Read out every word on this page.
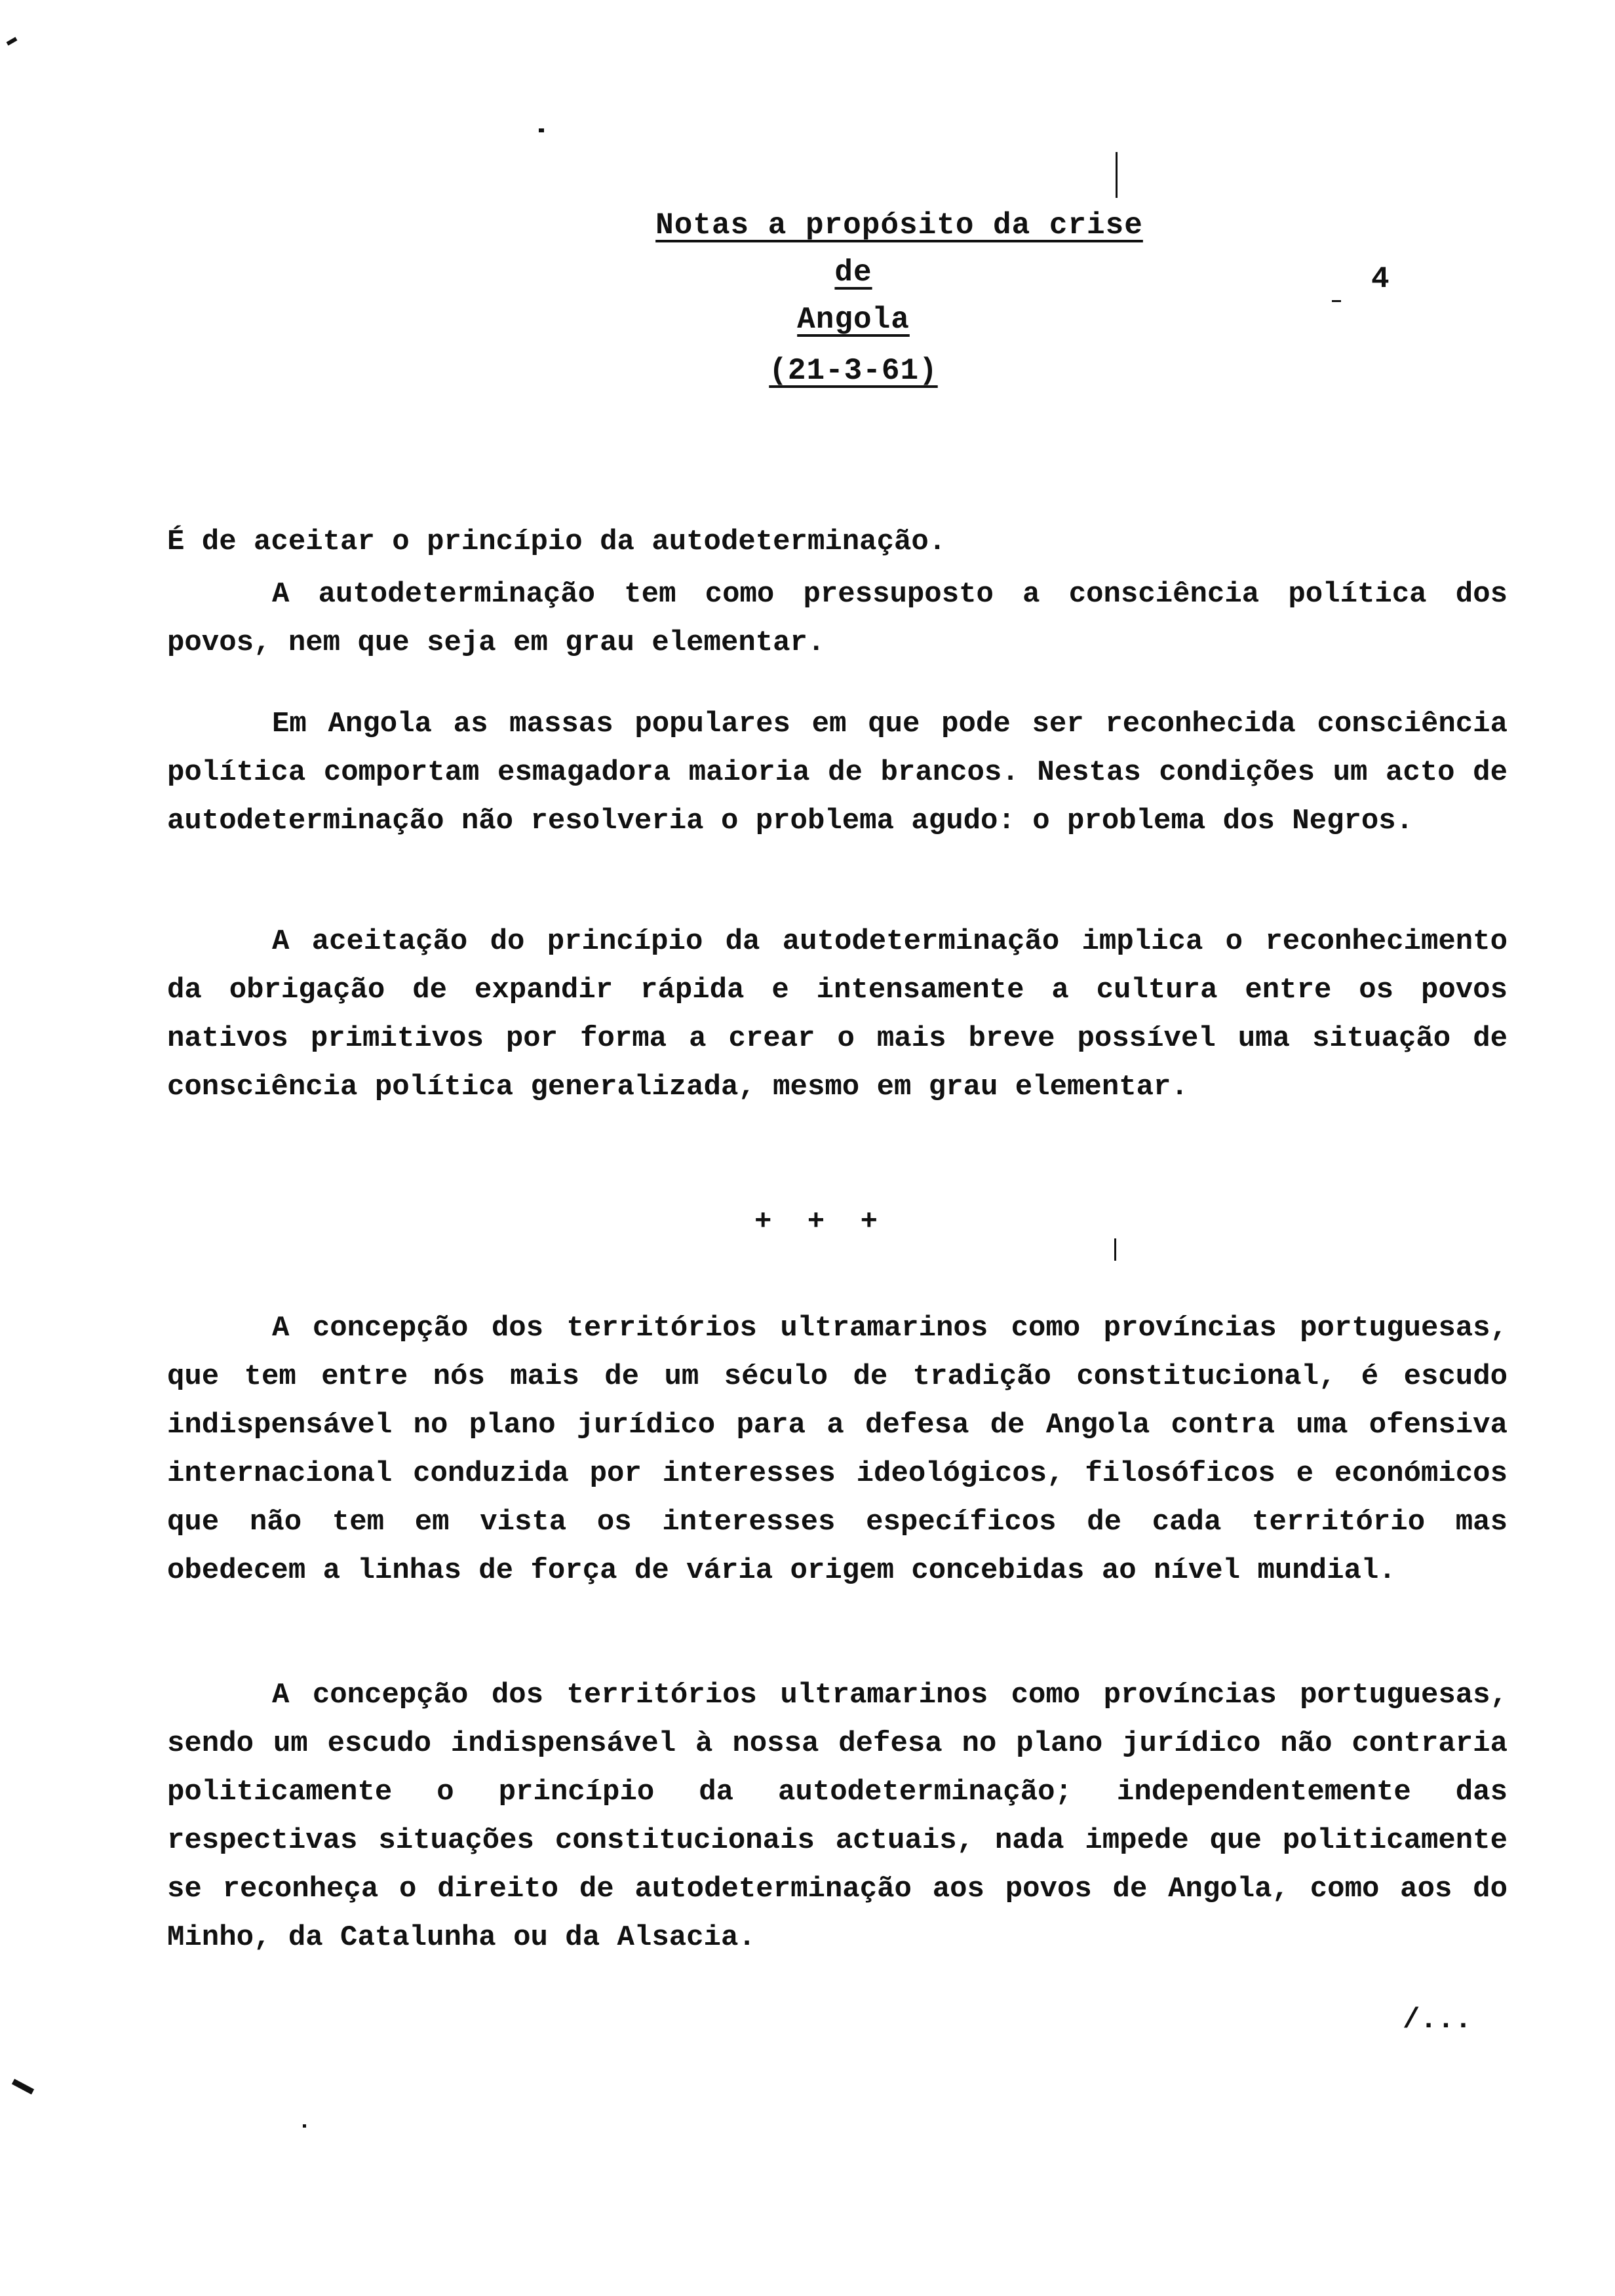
Notas a propósito da crise
de
Angola
(21-3-61)
4

É de aceitar o princípio da autodeterminação.

A autodeterminação tem como pressuposto a consciência política dos povos, nem que seja em grau elementar.

Em Angola as massas populares em que pode ser reconhecida consciência política comportam esmagadora maioria de brancos. Nestas condições um acto de autodeterminação não resolveria o problema agudo: o problema dos Negros.

A aceitação do princípio da autodeterminação implica o reconhecimento da obrigação de expandir rápida e intensamente a cultura entre os povos nativos primitivos por forma a crear o mais breve possível uma situação de consciência política generalizada, mesmo em grau elementar.

+ + +

A concepção dos territórios ultramarinos como províncias portuguesas, que tem entre nós mais de um século de tradição constitucional, é escudo indispensável no plano jurídico para a defesa de Angola contra uma ofensiva internacional conduzida por interesses ideológicos, filosóficos e económicos que não tem em vista os interesses específicos de cada território mas obedecem a linhas de força de vária origem concebidas ao nível mundial.

A concepção dos territórios ultramarinos como províncias portuguesas, sendo um escudo indispensável à nossa defesa no plano jurídico não contraria politicamente o princípio da autodeterminação; independentemente das respectivas situações constitucionais actuais, nada impede que politicamente se reconheça o direito de autodeterminação aos povos de Angola, como aos do Minho, da Catalunha ou da Alsacia.

/...
